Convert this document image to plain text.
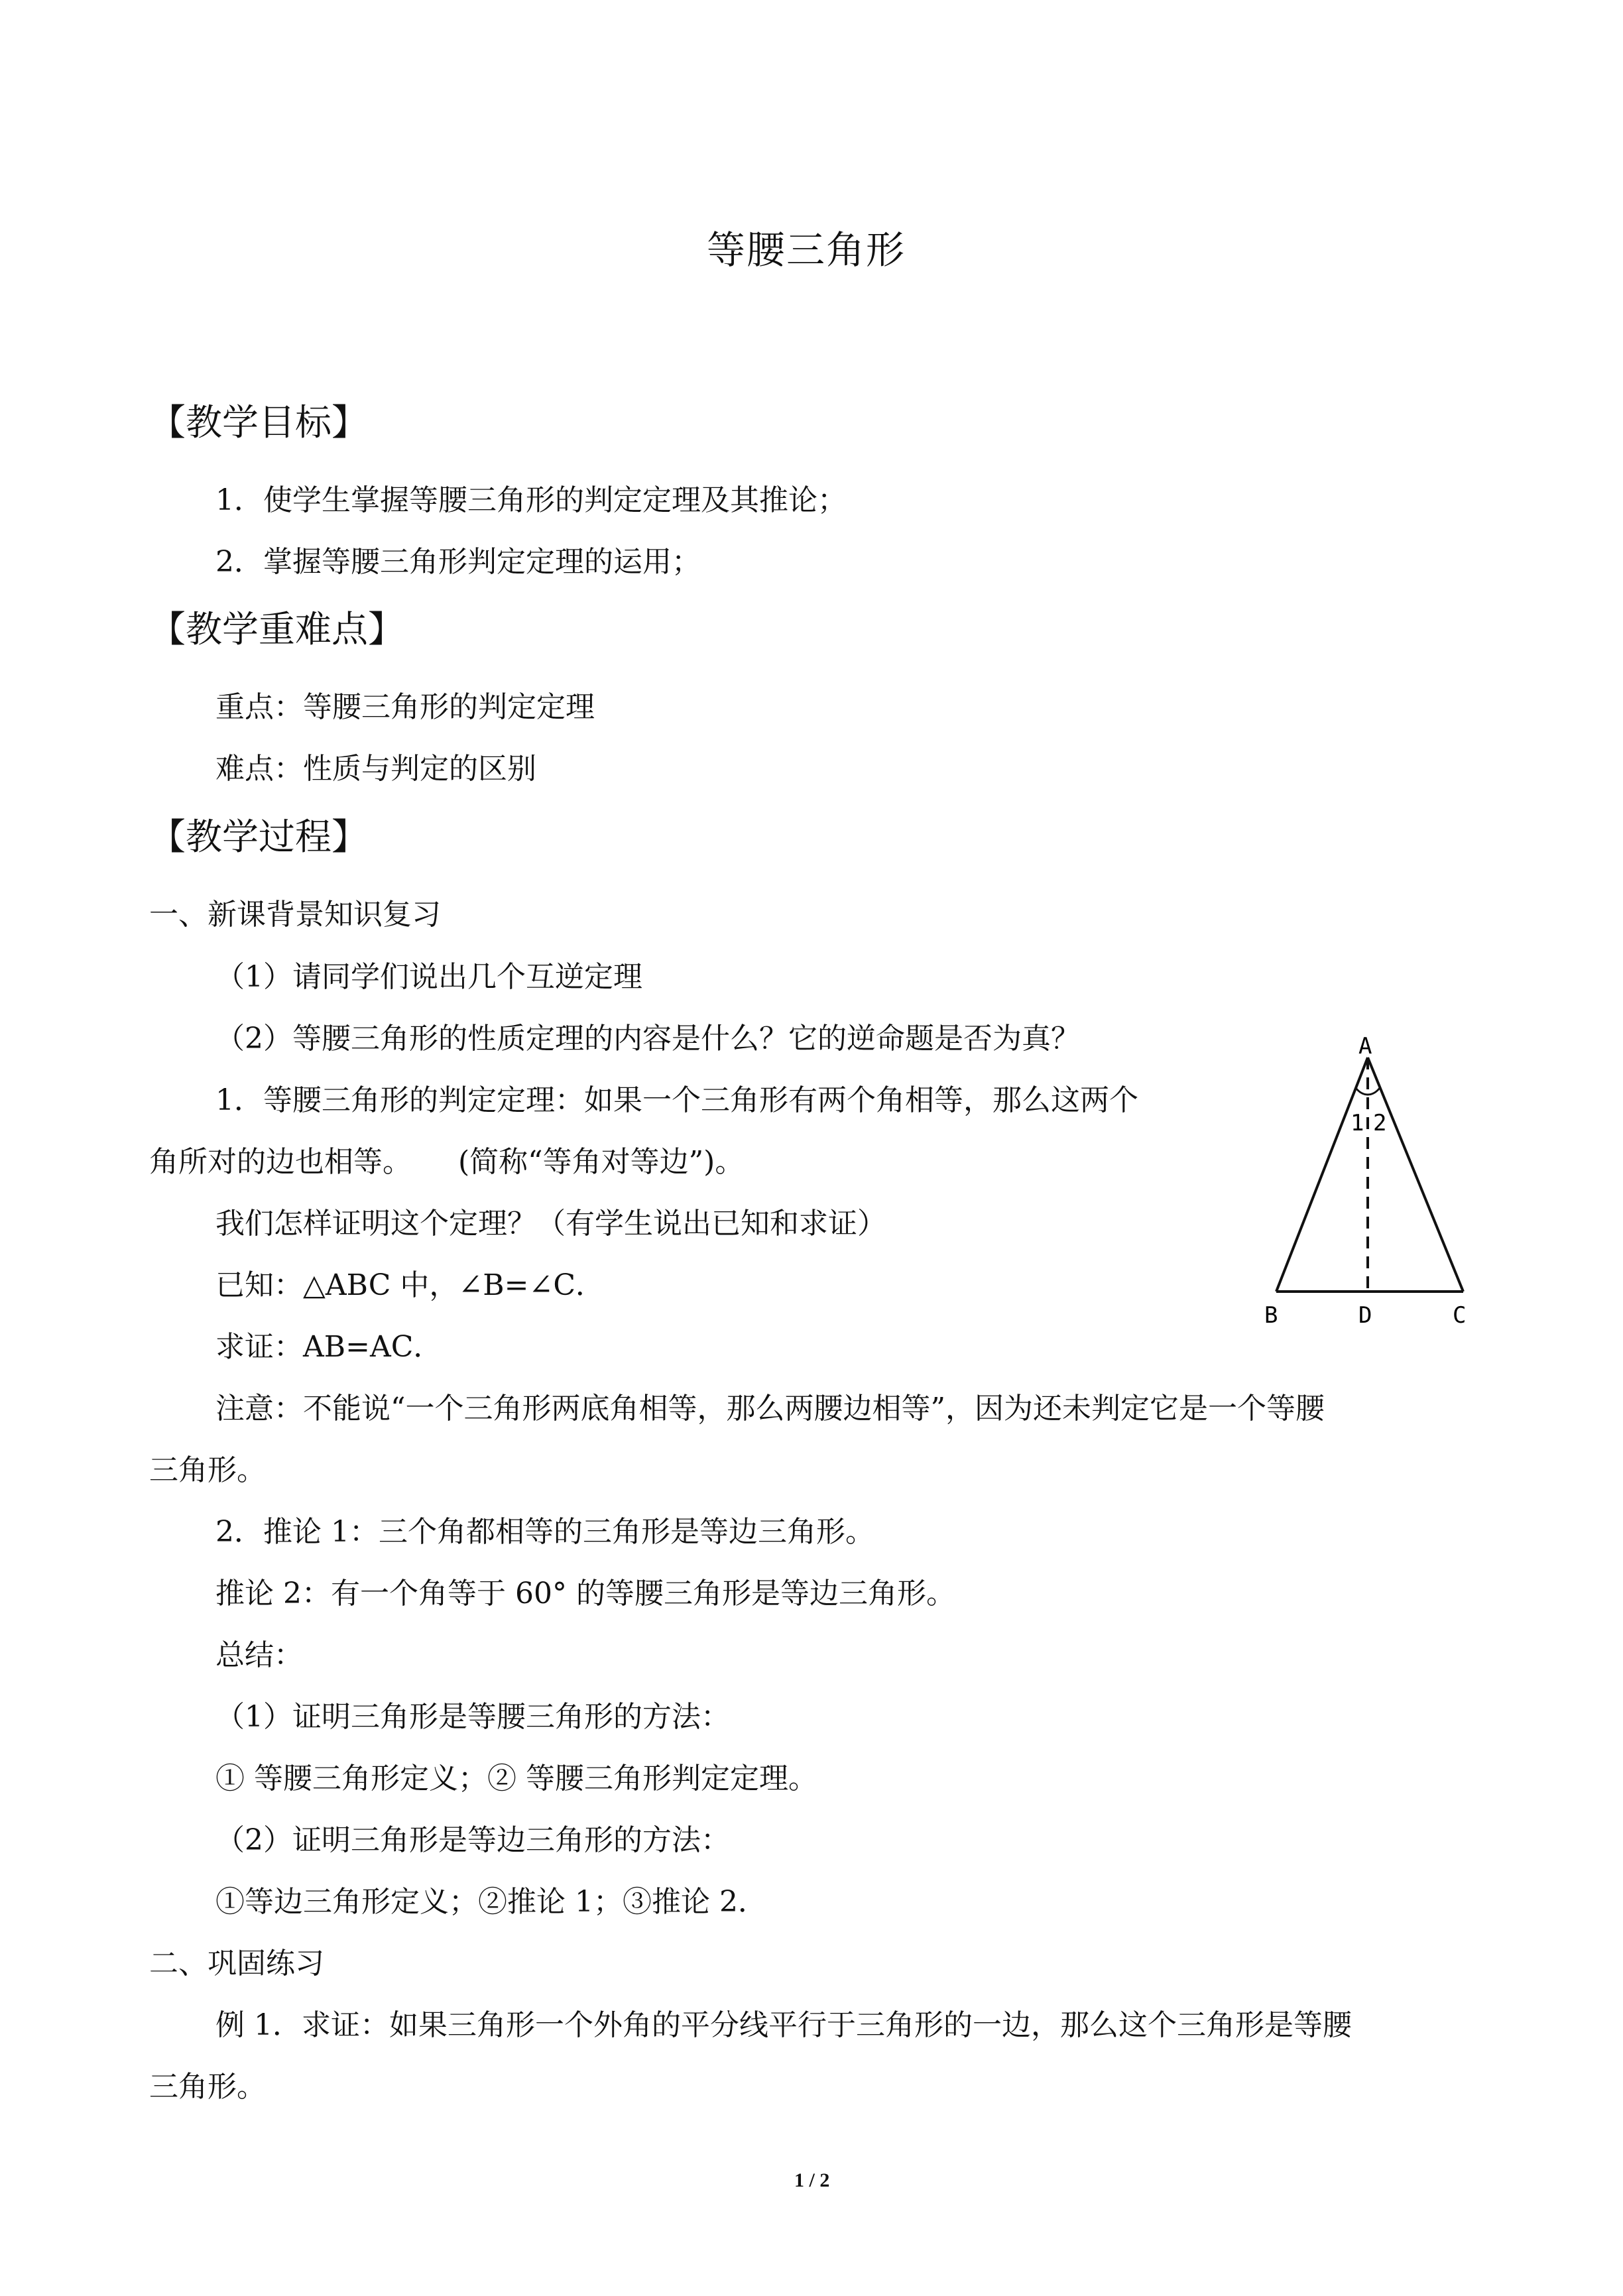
等腰三角形
【教学目标】
1．使学生掌握等腰三角形的判定定理及其推论；
2．掌握等腰三角形判定定理的运用；
【教学重难点】
重点：等腰三角形的判定定理
难点：性质与判定的区别
【教学过程】
一、新课背景知识复习
（1）请同学们说出几个互逆定理
（2）等腰三角形的性质定理的内容是什么？它的逆命题是否为真？
1．等腰三角形的判定定理：如果一个三角形有两个角相等，那么这两个
角所对的边也相等。 (简称“等角对等边”)。
我们怎样证明这个定理？（有学生说出已知和求证）
已知：△ABC 中，∠B=∠C．
求证：AB=AC．
注意：不能说“一个三角形两底角相等，那么两腰边相等”，因为还未判定它是一个等腰
三角形。
2．推论 1：三个角都相等的三角形是等边三角形。
推论 2：有一个角等于 60° 的等腰三角形是等边三角形。
总结：
（1）证明三角形是等腰三角形的方法：
① 等腰三角形定义；② 等腰三角形判定定理。
（2）证明三角形是等边三角形的方法：
①等边三角形定义；②推论 1；③推论 2．
二、巩固练习
例 1．求证：如果三角形一个外角的平分线平行于三角形的一边，那么这个三角形是等腰
三角形。
1 / 2
A
B	D	C
1 2
